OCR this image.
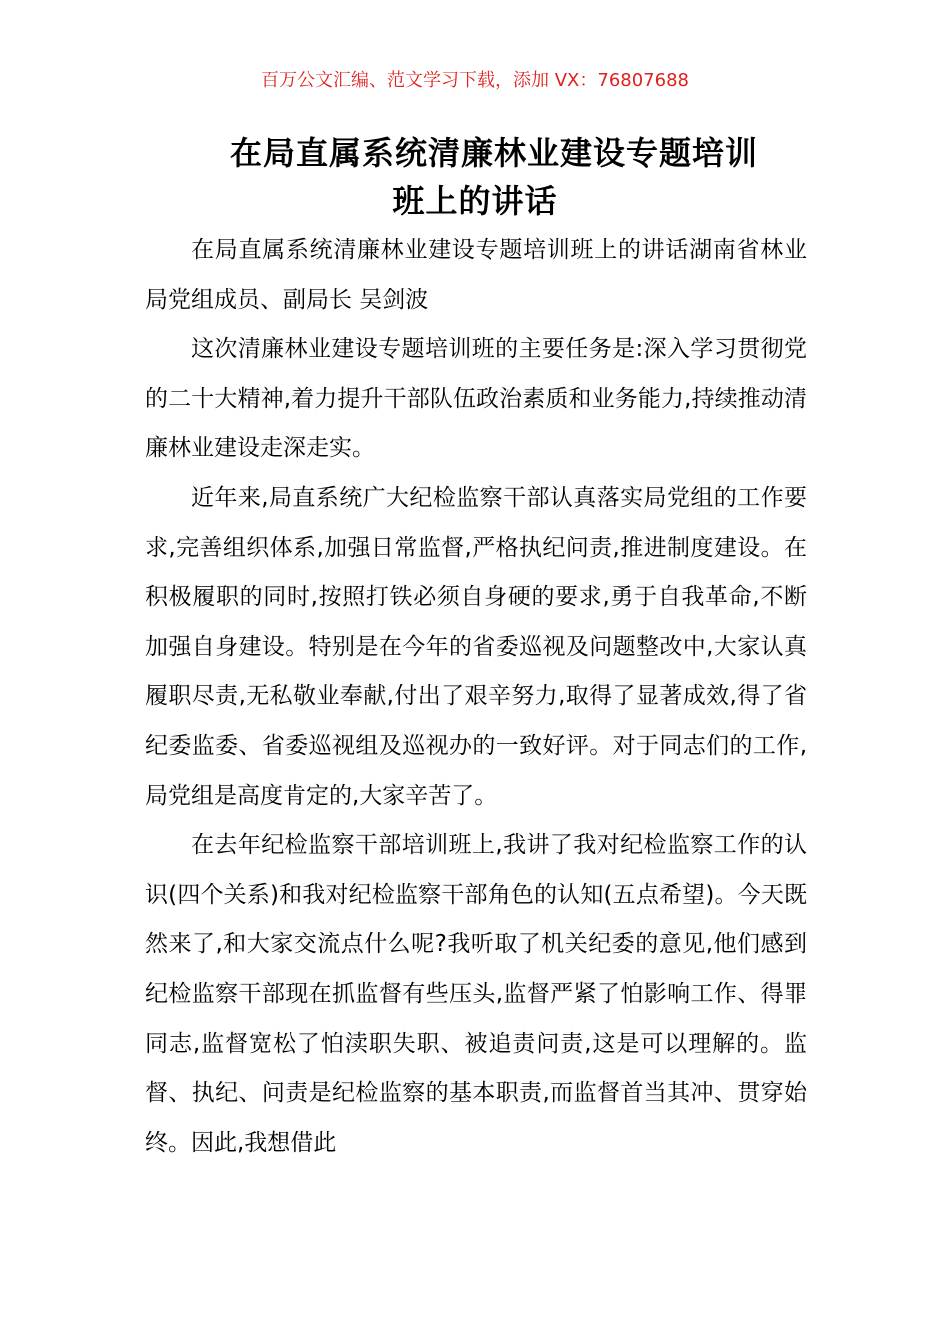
百万公文汇编、范文学习下载，添加 VX：76807688
在局直属系统清廉林业建设专题培训
班上的讲话

在局直属系统清廉林业建设专题培训班上的讲话湖南省林业局党组成员、副局长 吴剑波

这次清廉林业建设专题培训班的主要任务是:深入学习贯彻党的二十大精神,着力提升干部队伍政治素质和业务能力,持续推动清廉林业建设走深走实。

近年来,局直系统广大纪检监察干部认真落实局党组的工作要求,完善组织体系,加强日常监督,严格执纪问责,推进制度建设。在积极履职的同时,按照打铁必须自身硬的要求,勇于自我革命,不断加强自身建设。特别是在今年的省委巡视及问题整改中,大家认真履职尽责,无私敬业奉献,付出了艰辛努力,取得了显著成效,得了省纪委监委、省委巡视组及巡视办的一致好评。对于同志们的工作,局党组是高度肯定的,大家辛苦了。

在去年纪检监察干部培训班上,我讲了我对纪检监察工作的认识(四个关系)和我对纪检监察干部角色的认知(五点希望)。今天既然来了,和大家交流点什么呢?我听取了机关纪委的意见,他们感到纪检监察干部现在抓监督有些压头,监督严紧了怕影响工作、得罪同志,监督宽松了怕渎职失职、被追责问责,这是可以理解的。监督、执纪、问责是纪检监察的基本职责,而监督首当其冲、贯穿始终。因此,我想借此
